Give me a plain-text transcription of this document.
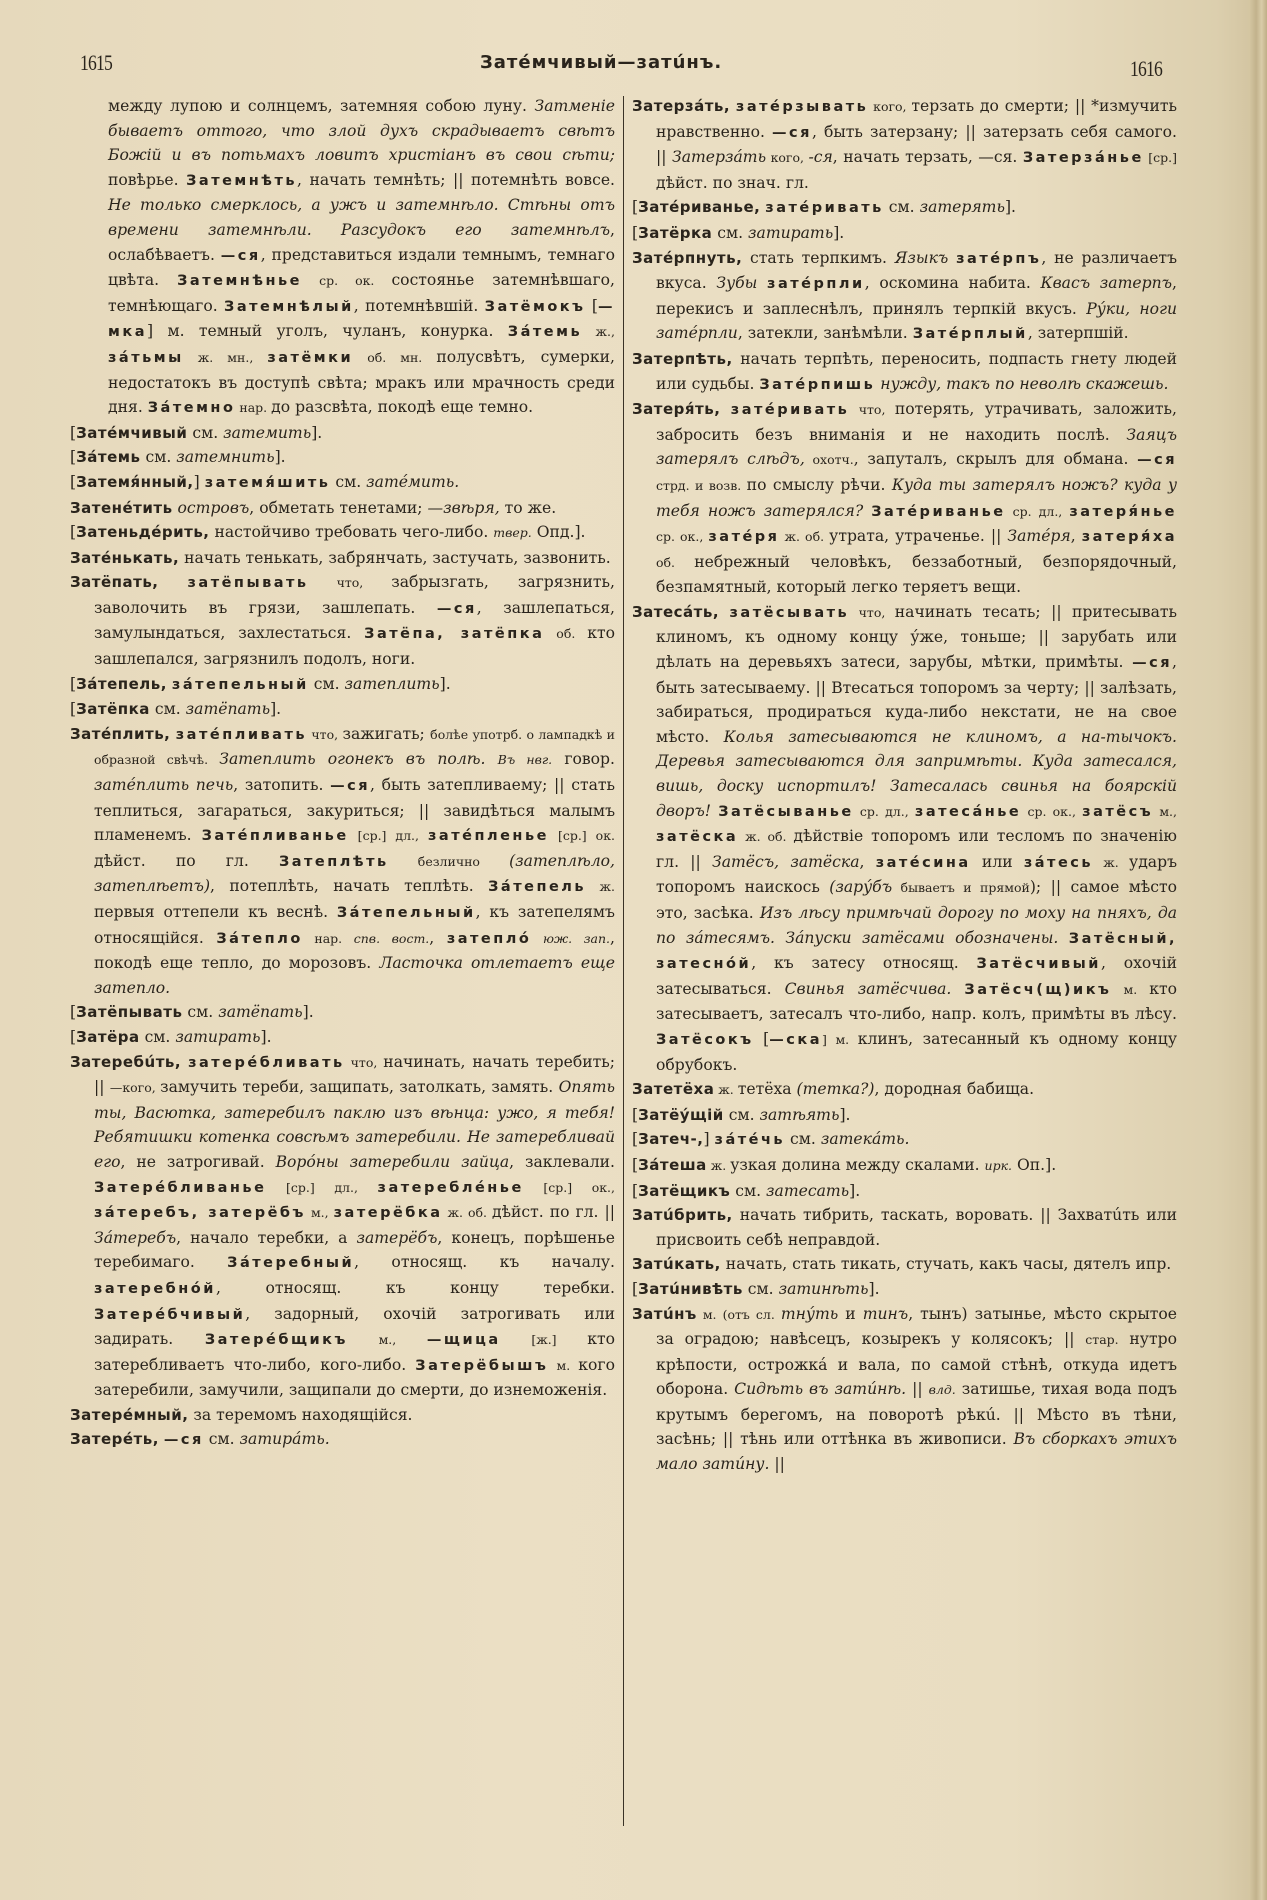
1615	Затéмчивый—затúнъ.	1616

между лупою и солнцемъ, затемняя собою луну. Затменіе бываетъ оттого, что злой духъ скрадываетъ свѣтъ Божій и въ потьмахъ ловитъ христіанъ въ свои сѣти; повѣрье. Затемнѣть, начать темнѣть; || потемнѣть вовсе. Не только смерклось, а ужъ и затемнѣло. Стѣны отъ времени затемнѣли. Разсудокъ его затемнѣлъ, ослабѣваетъ. —ся, представиться издали темнымъ, темнаго цвѣта. Затемнѣнье ср. ок. состоянье затемнѣвшаго, темнѣющаго. Затемнѣлый, потемнѣвшій. Затёмокъ [—мка] м. темный уголъ, чуланъ, конурка. Зáтемь ж., зáтьмы ж. мн., затёмки об. мн. полусвѣтъ, сумерки, недостатокъ въ доступѣ свѣта; мракъ или мрачность среди дня. Зáтемно нар. до разсвѣта, покодѣ еще темно.

[Затéмчивый см. затемить].

[Зáтемь см. затемнить].

[Затемя́нный,] затемя́шить см. затéмить.

Затенéтить островъ, обметать тенетами; —звѣря, то же.

[Затеньдéрить, настойчиво требовать чего-либо. твер. Опд.].

Затéнькать, начать тенькать, забрянчать, застучать, зазвонить.

Затёпать, затёпывать что, забрызгать, загрязнить, заволочить въ грязи, зашлепать. —ся, зашлепаться, замулындаться, захлестаться. Затёпа, затёпка об. кто зашлепался, загрязнилъ подолъ, ноги.

[Зáтепель, зáтепельный см. затеплить].

[Затёпка см. затёпать].

Затéплить, затéпливать что, зажигать; болѣе употрб. о лампадкѣ и образной свѣчѣ. Затеплить огонекъ въ полѣ. Въ нвг. говор. затéплить печь, затопить. —ся, быть затепливаему; || стать теплиться, загараться, закуриться; || завидѣться малымъ пламенемъ. Затéпливанье [ср.] дл., затéпленье [ср.] ок. дѣйст. по гл. Затеплѣть безлично (затеплѣло, затеплѣетъ), потеплѣть, начать теплѣть. Зáтепель ж. первыя оттепели къ веснѣ. Зáтепельный, къ затепелямъ относящійся. Зáтепло нар. спв. вост., затепло́ юж. зап., покодѣ еще тепло, до морозовъ. Ласточка отлетаетъ еще затепло.

[Затёпывать см. затёпать].

[Затёра см. затирать].

Затеребúть, затерéбливать что, начинать, начать теребить; || —кого, замучить тереби, защипать, затолкать, замять. Опять ты, Васютка, затеребилъ паклю изъ вѣнца: ужо, я тебя! Ребятишки котенка совсѣмъ затеребили. Не затеребливай его, не затрогивай. Воро́ны затеребили зайца, заклевали. Затерéбливанье [ср.] дл., затереблéнье [ср.] ок., зáтеребъ, затерёбъ м., затерёбка ж. об. дѣйст. по гл. || Зáтеребъ, начало теребки, а затерёбъ, конецъ, порѣшенье теребимаго. Зáтеребный, относящ. къ началу. затеребнóй, относящ. къ концу теребки. Затерéбчивый, задорный, охочій затрогивать или задирать. Затерéбщикъ м., —щица [ж.] кто затеребливаетъ что-либо, кого-либо. Затерёбышъ м. кого затеребили, замучили, защипали до смерти, до изнеможенія.

Затерéмный, за теремомъ находящійся.

Затерéть, —ся см. затирáть.

Затерзáть, затéрзывать кого, терзать до смерти; || *измучить нравственно. —ся, быть затерзану; || затерзать себя самого. || Затерзáть кого, -ся, начать терзать, —ся. Затерзáнье [ср.] дѣйст. по знач. гл.

[Затéриванье, затéривать см. затерять].

[Затёрка см. затирать].

Затéрпнуть, стать терпкимъ. Языкъ затéрпъ, не различаетъ вкуса. Зубы затéрпли, оскомина набита. Квасъ затерпъ, перекисъ и заплеснѣлъ, принялъ терпкій вкусъ. Ру́ки, ноги затéрпли, затекли, занѣмѣли. Затéрплый, затерпшій.

Затерпѣть, начать терпѣть, переносить, подпасть гнету людей или судьбы. Затéрпишь нужду, такъ по неволѣ скажешь.

Затеря́ть, затéривать что, потерять, утрачивать, заложить, забросить безъ вниманія и не находить послѣ. Заяцъ затерялъ слѣдъ, охотч., запуталъ, скрылъ для обмана. —ся стрд. и возв. по смыслу рѣчи. Куда ты затерялъ ножъ? куда у тебя ножъ затерялся? Затéриванье ср. дл., затеря́нье ср. ок., затéря ж. об. утрата, утраченье. || Затéря, затеря́ха об. небрежный человѣкъ, беззаботный, безпорядочный, безпамятный, который легко теряетъ вещи.

Затесáть, затёсывать что, начинать тесать; || притесывать клиномъ, къ одному концу у́же, тоньше; || зарубать или дѣлать на деревьяхъ затеси, зарубы, мѣтки, примѣты. —ся, быть затесываему. || Втесаться топоромъ за черту; || залѣзать, забираться, продираться куда-либо некстати, не на свое мѣсто. Колья затесываются не клиномъ, а на-тычокъ. Деревья затесываются для запримѣты. Куда затесался, вишь, доску испортилъ! Затесалась свинья на боярскій дворъ! Затёсыванье ср. дл., затесáнье ср. ок., затёсъ м., затёска ж. об. дѣйствіе топоромъ или тесломъ по значенію гл. || Затёсъ, затёска, затéсина или зáтесь ж. ударъ топоромъ наискось (зару́бъ бываетъ и прямой); || самое мѣсто это, засѣка. Изъ лѣсу примѣчай дорогу по моху на пняхъ, да по зáтесямъ. Зáпуски затёсами обозначены. Затёсный, затеснóй, къ затесу относящ. Затёсчивый, охочій затесываться. Свинья затёсчива. Затёсч(щ)икъ м. кто затесываетъ, затесалъ что-либо, напр. колъ, примѣты въ лѣсу. Затёсокъ [—ска] м. клинъ, затесанный къ одному концу обрубокъ.

Затетёха ж. тетёха (тетка?), дородная бабища.

[Затёу́щій см. затѣять].

[Затеч-,] зáтéчь см. затекáть.

[Зáтеша ж. узкая долина между скалами. ирк. Оп.].

[Затёщикъ см. затесать].

Затúбрить, начать тибрить, таскать, воровать. || Захватúть или присвоить себѣ неправдой.

Затúкать, начать, стать тикать, стучать, какъ часы, дятелъ ипр.

[Затúнивѣть см. затинѣть].

Затúнъ м. (отъ сл. тну́ть и тинъ, тынъ) затынье, мѣсто скрытое за оградою; навѣсецъ, козырекъ у колясокъ; || стар. нутро крѣпости, острожкá и вала, по самой стѣнѣ, откуда идетъ оборона. Сидѣть въ затúнѣ. || влд. затишье, тихая вода подъ крутымъ берегомъ, на поворотѣ рѣкú. || Мѣсто въ тѣни, засѣнь; || тѣнь или оттѣнка въ живописи. Въ сборкахъ этихъ мало затúну. ||
